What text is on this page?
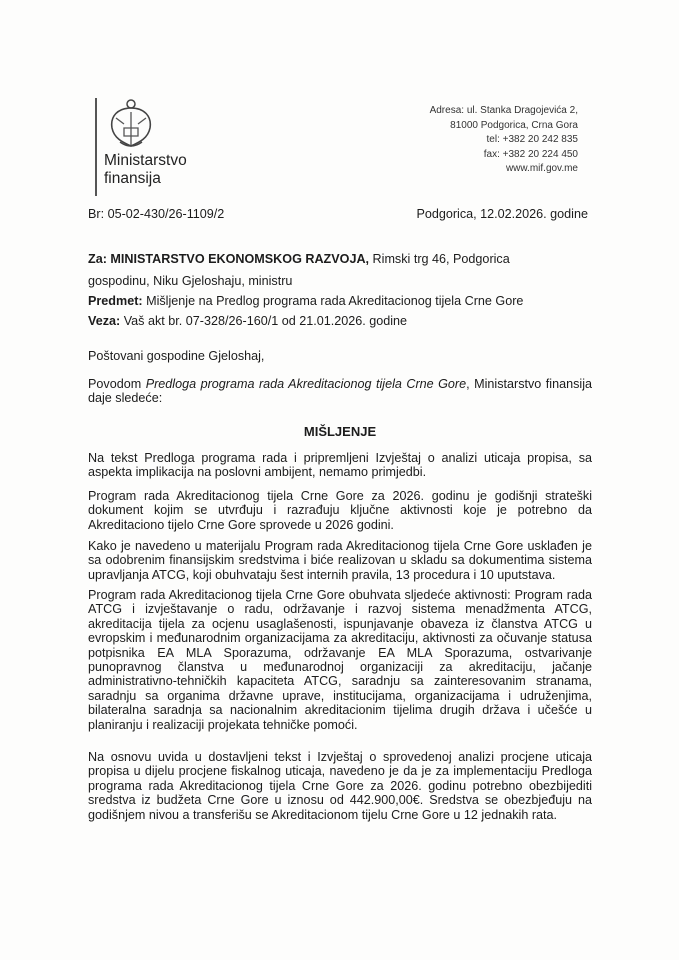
Ministarstvo
finansija
Adresa: ul. Stanka Dragojevića 2,
81000 Podgorica, Crna Gora
tel: +382 20 242 835
fax: +382 20 224 450
www.mif.gov.me
Br: 05-02-430/26-1109/2	Podgorica, 12.02.2026. godine
Za: MINISTARSTVO EKONOMSKOG RAZVOJA, Rimski trg 46, Podgorica
gospodinu, Niku Gjeloshaju, ministru
Predmet: Mišljenje na Predlog programa rada Akreditacionog tijela Crne Gore
Veza: Vaš akt br. 07-328/26-160/1 od 21.01.2026. godine
Poštovani gospodine Gjeloshaj,
Povodom Predloga programa rada Akreditacionog tijela Crne Gore, Ministarstvo finansija daje sledeće:
MIŠLJENJE
Na tekst Predloga programa rada i pripremljeni Izvještaj o analizi uticaja propisa, sa aspekta implikacija na poslovni ambijent, nemamo primjedbi.
Program rada Akreditacionog tijela Crne Gore za 2026. godinu je godišnji strateški dokument kojim se utvrđuju i razrađuju ključne aktivnosti koje je potrebno da Akreditaciono tijelo Crne Gore sprovede u 2026 godini.
Kako je navedeno u materijalu Program rada Akreditacionog tijela Crne Gore usklađen je sa odobrenim finansijskim sredstvima i biće realizovan u skladu sa dokumentima sistema upravljanja ATCG, koji obuhvataju šest internih pravila, 13 procedura i 10 uputstava.
Program rada Akreditacionog tijela Crne Gore obuhvata sljedeće aktivnosti: Program rada ATCG i izvještavanje o radu, održavanje i razvoj sistema menadžmenta ATCG, akreditacija tijela za ocjenu usaglašenosti, ispunjavanje obaveza iz članstva ATCG u evropskim i međunarodnim organizacijama za akreditaciju, aktivnosti za očuvanje statusa potpisnika EA MLA Sporazuma, održavanje EA MLA Sporazuma, ostvarivanje punopravnog članstva u međunarodnoj organizaciji za akreditaciju, jačanje administrativno-tehničkih kapaciteta ATCG, saradnju sa zainteresovanim stranama, saradnju sa organima državne uprave, institucijama, organizacijama i udruženjima, bilateralna saradnja sa nacionalnim akreditacionim tijelima drugih država i učešće u planiranju i realizaciji projekata tehničke pomoći.
Na osnovu uvida u dostavljeni tekst i Izvještaj o sprovedenoj analizi procjene uticaja propisa u dijelu procjene fiskalnog uticaja, navedeno je da je za implementaciju Predloga programa rada Akreditacionog tijela Crne Gore za 2026. godinu potrebno obezbijediti sredstva iz budžeta Crne Gore u iznosu od 442.900,00€. Sredstva se obezbjeđuju na godišnjem nivou a transferišu se Akreditacionom tijelu Crne Gore u 12 jednakih rata.
